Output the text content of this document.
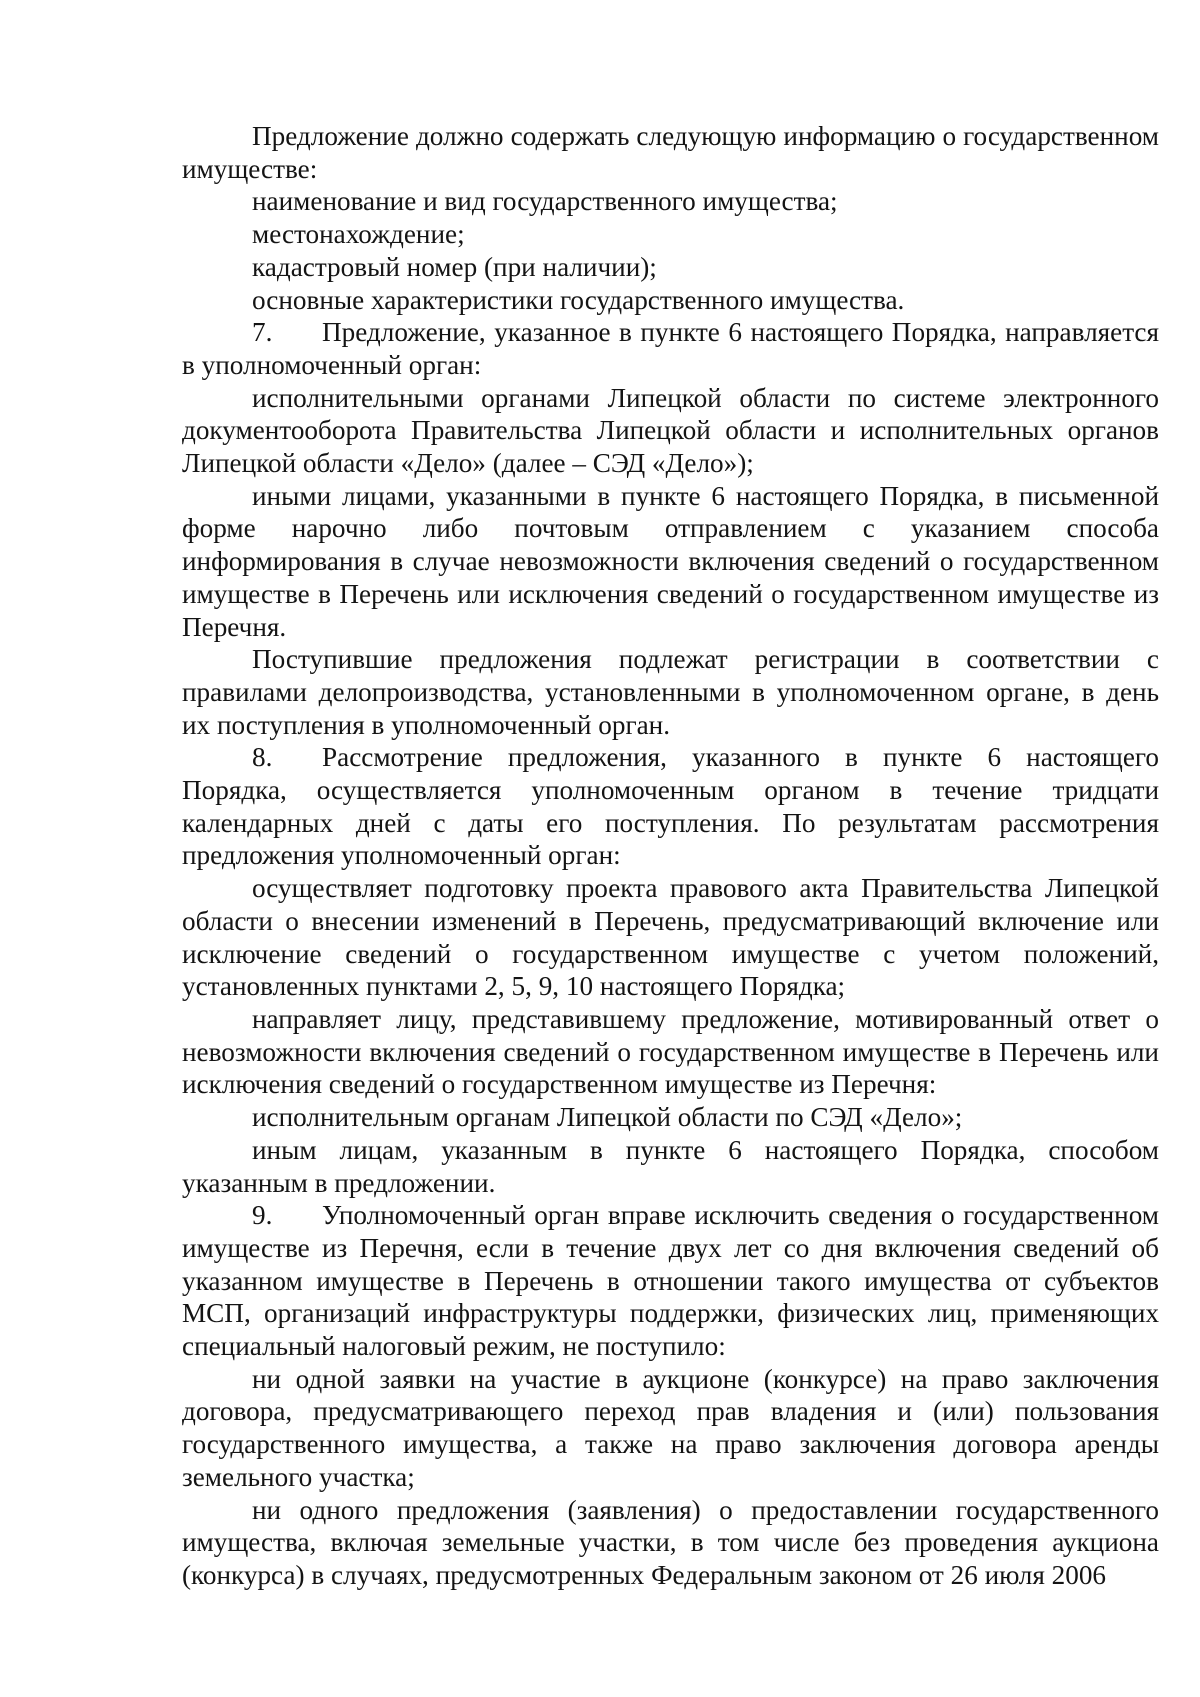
Предложение должно содержать следующую информацию о государственном имуществе:

наименование и вид государственного имущества;

местонахождение;

кадастровый номер (при наличии);

основные характеристики государственного имущества.

7. Предложение, указанное в пункте 6 настоящего Порядка, направляется в уполномоченный орган:

исполнительными органами Липецкой области по системе электронного документооборота Правительства Липецкой области и исполнительных органов Липецкой области «Дело» (далее – СЭД «Дело»);

иными лицами, указанными в пункте 6 настоящего Порядка, в письменной форме нарочно либо почтовым отправлением с указанием способа информирования в случае невозможности включения сведений о государственном имуществе в Перечень или исключения сведений о государственном имуществе из Перечня.

Поступившие предложения подлежат регистрации в соответствии с правилами делопроизводства, установленными в уполномоченном органе, в день их поступления в уполномоченный орган.

8. Рассмотрение предложения, указанного в пункте 6 настоящего Порядка, осуществляется уполномоченным органом в течение тридцати календарных дней с даты его поступления. По результатам рассмотрения предложения уполномоченный орган:

осуществляет подготовку проекта правового акта Правительства Липецкой области о внесении изменений в Перечень, предусматривающий включение или исключение сведений о государственном имуществе с учетом положений, установленных пунктами 2, 5, 9, 10 настоящего Порядка;

направляет лицу, представившему предложение, мотивированный ответ о невозможности включения сведений о государственном имуществе в Перечень или исключения сведений о государственном имуществе из Перечня:

исполнительным органам Липецкой области по СЭД «Дело»;

иным лицам, указанным в пункте 6 настоящего Порядка, способом указанным в предложении.

9. Уполномоченный орган вправе исключить сведения о государственном имуществе из Перечня, если в течение двух лет со дня включения сведений об указанном имуществе в Перечень в отношении такого имущества от субъектов МСП, организаций инфраструктуры поддержки, физических лиц, применяющих специальный налоговый режим, не поступило:

ни одной заявки на участие в аукционе (конкурсе) на право заключения договора, предусматривающего переход прав владения и (или) пользования государственного имущества, а также на право заключения договора аренды земельного участка;

ни одного предложения (заявления) о предоставлении государственного имущества, включая земельные участки, в том числе без проведения аукциона (конкурса) в случаях, предусмотренных Федеральным законом от 26 июля 2006
